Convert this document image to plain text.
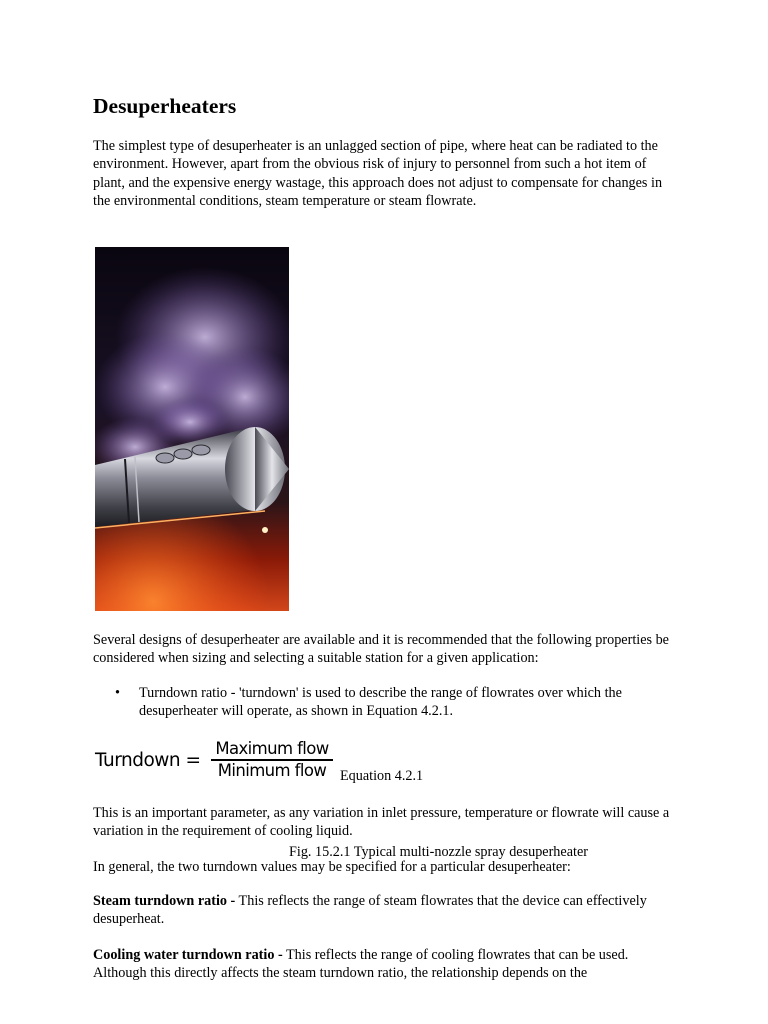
Desuperheaters

The simplest type of desuperheater is an unlagged section of pipe, where heat can be radiated to the environment. However, apart from the obvious risk of injury to personnel from such a hot item of plant, and the expensive energy wastage, this approach does not adjust to compensate for changes in the environmental conditions, steam temperature or steam flowrate.

Fig. 15.2.1 Typical multi-nozzle spray desuperheater

Several designs of desuperheater are available and it is recommended that the following properties be considered when sizing and selecting a suitable station for a given application:

• Turndown ratio - 'turndown' is used to describe the range of flowrates over which the desuperheater will operate, as shown in Equation 4.2.1.
Turndown =
Maximum flow
Minimum flow Equation 4.2.1

This is an important parameter, as any variation in inlet pressure, temperature or flowrate will cause a variation in the requirement of cooling liquid.

In general, the two turndown values may be specified for a particular desuperheater:

Steam turndown ratio - This reflects the range of steam flowrates that the device can effectively desuperheat.

Cooling water turndown ratio - This reflects the range of cooling flowrates that can be used. Although this directly affects the steam turndown ratio, the relationship depends on the
